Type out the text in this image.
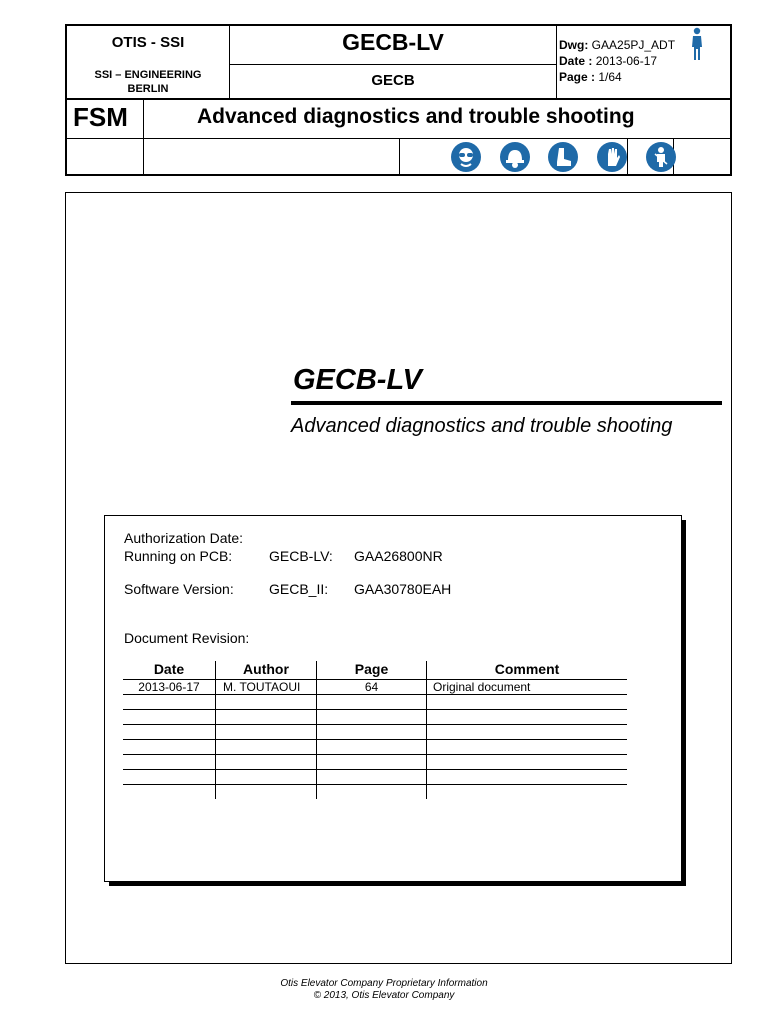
OTIS - SSI
SSI – ENGINEERING
BERLIN
GECB-LV
GECB
Dwg: GAA25PJ_ADT
Date : 2013-06-17
Page : 1/64
FSM	Advanced diagnostics and trouble shooting
GECB-LV
Advanced diagnostics and trouble shooting
Authorization Date:
Running on PCB:	GECB-LV: GAA26800NR
Software Version:	GECB_II: GAA30780EAH
Document Revision:
Date	Author	Page	Comment
2013-06-17	M. TOUTAOUI	64	Original document
Otis Elevator Company Proprietary Information
© 2013, Otis Elevator Company
